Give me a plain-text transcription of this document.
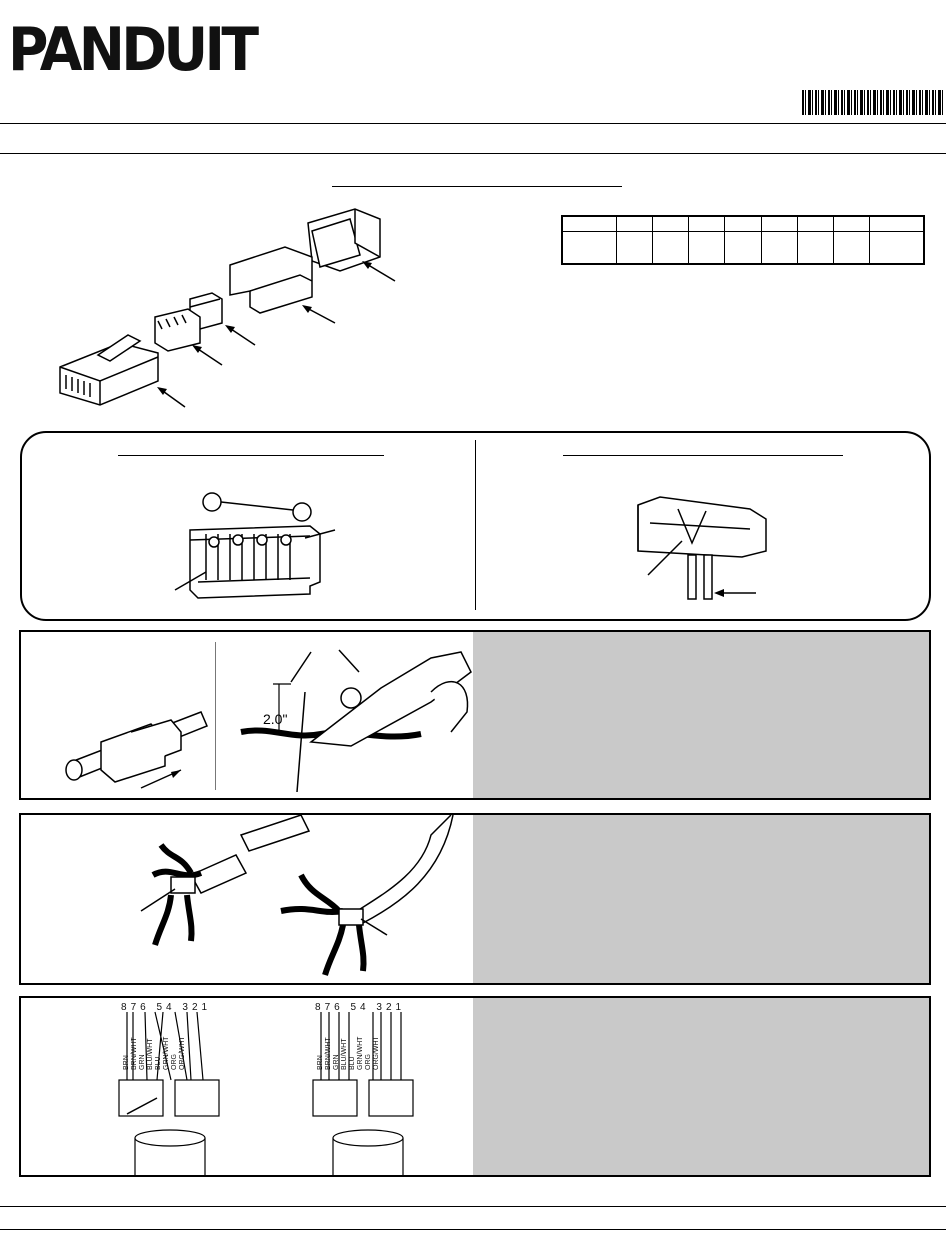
PANDUIT

2.0"
876 54 321
BRN BRN/WHT GRN BLU/WHT BLU GRN/WHT ORG ORG/WHT
876 54 321
BRN BRN/WHT GRN BLU/WHT BLU GRN/WHT ORG ORG/WHT
